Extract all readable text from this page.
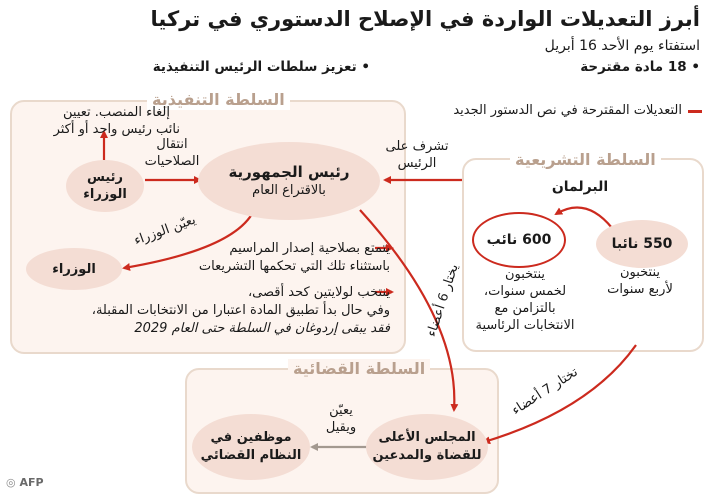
أبرز التعديلات الواردة في الإصلاح الدستوري في تركيا
استفتاء يوم الأحد 16 أبريل
• 18 مادة مقترحة
• تعزيز سلطات الرئيس التنفيذية
السلطة التنفيذية
السلطة التشريعية
السلطة القضائية
التعديلات المقترحة في نص الدستور الجديد
رئيس الجمهورية
بالاقتراع العام
رئيس
الوزراء
الوزراء
إلغاء المنصب. تعيين
نائب رئيس واحد أو أكثر
انتقال
الصلاحيات
يعيّن الوزراء	يتمتع بصلاحية إصدار المراسيم
باستثناء تلك التي تحكمها التشريعات
ينتخب لولايتين كحد أقصى،
وفي حال بدأ تطبيق المادة اعتبارا من الانتخابات المقبلة،
فقد يبقى إردوغان في السلطة حتى العام 2029
تشرف على
الرئيس
البرلمان
550 نائبا
600 نائب
ينتخبون
لأربع سنوات
ينتخبون
لخمس سنوات،
بالتزامن مع
الانتخابات الرئاسية
المجلس الأعلى
للقضاة والمدعين
موظفين في
النظام القضائي
يعيّن
ويقيل
يختار 6 أعضاء
تختار 7 أعضاء
◎ AFP
